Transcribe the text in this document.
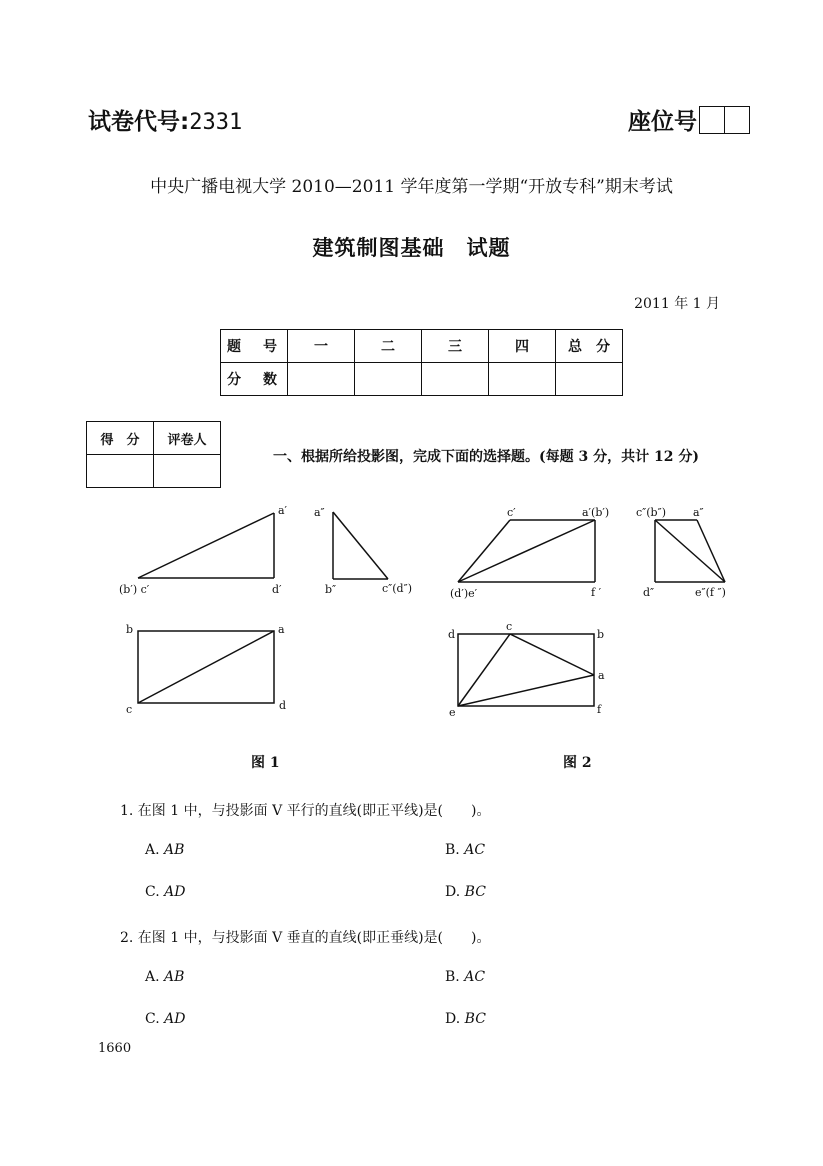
试卷代号:2331	座位号
中央广播电视大学 2010—2011 学年度第一学期“开放专科”期末考试
建筑制图基础　试题
2011 年 1 月
题　号	一	二	三	四	总　分
分　数					
得　分	评卷人

一、根据所给投影图，完成下面的选择题。(每题 3 分，共计 12 分)
a′
(b′) c′	d′
a″
b″	c″(d″)
b	a
c	d
c′	a′(b′)
(d′)e′	f ′
c″(b″) a″
d″	e″(f ″)
d
c
b
a
e	f
图 1	图 2
1. 在图 1 中，与投影面 V 平行的直线(即正平线)是(　　)。
A. AB	B. AC
C. AD	D. BC
2. 在图 1 中，与投影面 V 垂直的直线(即正垂线)是(　　)。
A. AB	B. AC
C. AD	D. BC
1660
